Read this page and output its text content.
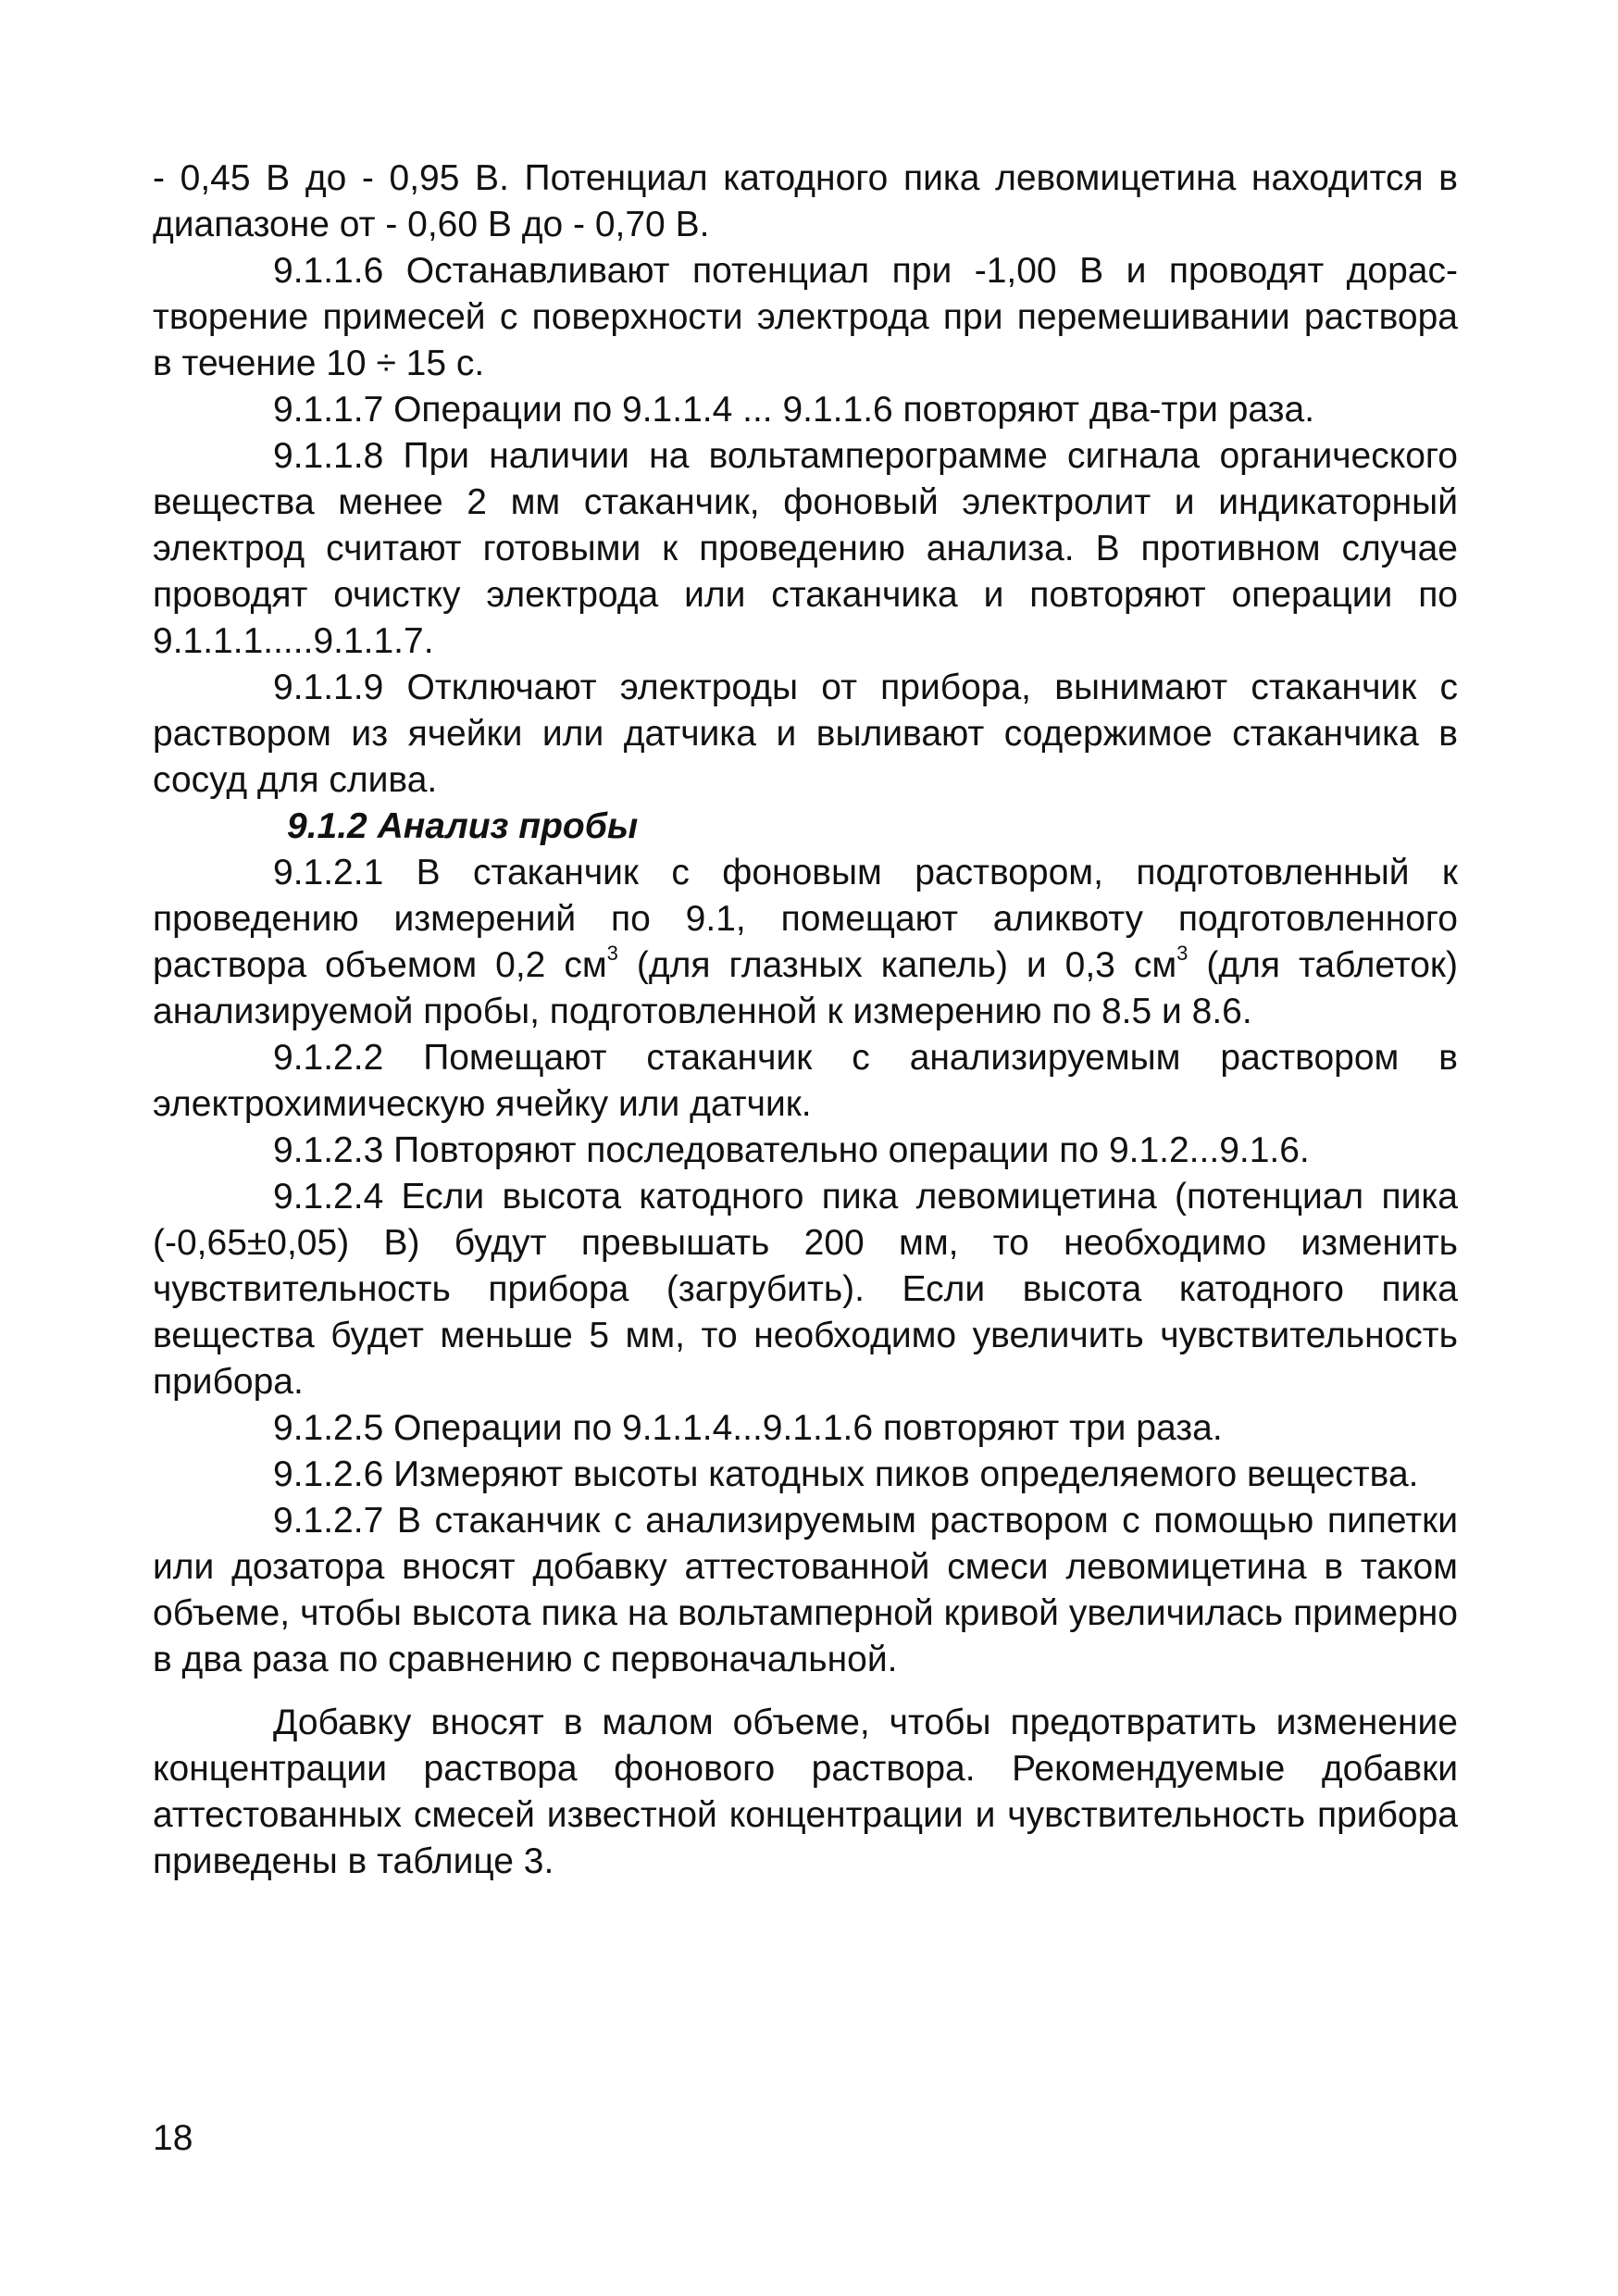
- 0,45 В до - 0,95 В. Потенциал катодного пика левомицетина находится в диапазоне от - 0,60 В до - 0,70 В.

9.1.1.6 Останавливают потенциал при -1,00 В и проводят дорастворение примесей с поверхности электрода при перемешивании раствора в течение 10 ÷ 15 с.

9.1.1.7 Операции по 9.1.1.4 ... 9.1.1.6 повторяют два-три раза.

9.1.1.8 При наличии на вольтамперограмме сигнала органического вещества менее 2 мм стаканчик, фоновый электролит и индикаторный электрод считают готовыми к проведению анализа. В противном случае проводят очистку электрода или стаканчика и повторяют операции по 9.1.1.1.....9.1.1.7.

9.1.1.9 Отключают электроды от прибора, вынимают стаканчик с раствором из ячейки или датчика и выливают содержимое стаканчика в сосуд для слива.

9.1.2 Анализ пробы

9.1.2.1 В стаканчик с фоновым раствором, подготовленный к проведению измерений по 9.1, помещают аликвоту подготовленного раствора объемом 0,2 $см^3$ (для глазных капель) и 0,3 $см^3$ (для таблеток) анализируемой пробы, подготовленной к измерению по 8.5 и 8.6.

9.1.2.2 Помещают стаканчик с анализируемым раствором в электрохимическую ячейку или датчик.

9.1.2.3 Повторяют последовательно операции по 9.1.2...9.1.6.

9.1.2.4 Если высота катодного пика левомицетина (потенциал пика (-0,65±0,05) В) будут превышать 200 мм, то необходимо изменить чувствительность прибора (загрубить). Если высота катодного пика вещества будет меньше 5 мм, то необходимо увеличить чувствительность прибора.

9.1.2.5 Операции по 9.1.1.4...9.1.1.6 повторяют три раза.

9.1.2.6 Измеряют высоты катодных пиков определяемого вещества.

9.1.2.7 В стаканчик с анализируемым раствором с помощью пипетки или дозатора вносят добавку аттестованной смеси левомицетина в таком объеме, чтобы высота пика на вольтамперной кривой увеличилась примерно в два раза по сравнению с первоначальной.

Добавку вносят в малом объеме, чтобы предотвратить изменение концентрации раствора фонового раствора. Рекомендуемые добавки аттестованных смесей известной концентрации и чувствительность прибора приведены в таблице 3.

18
